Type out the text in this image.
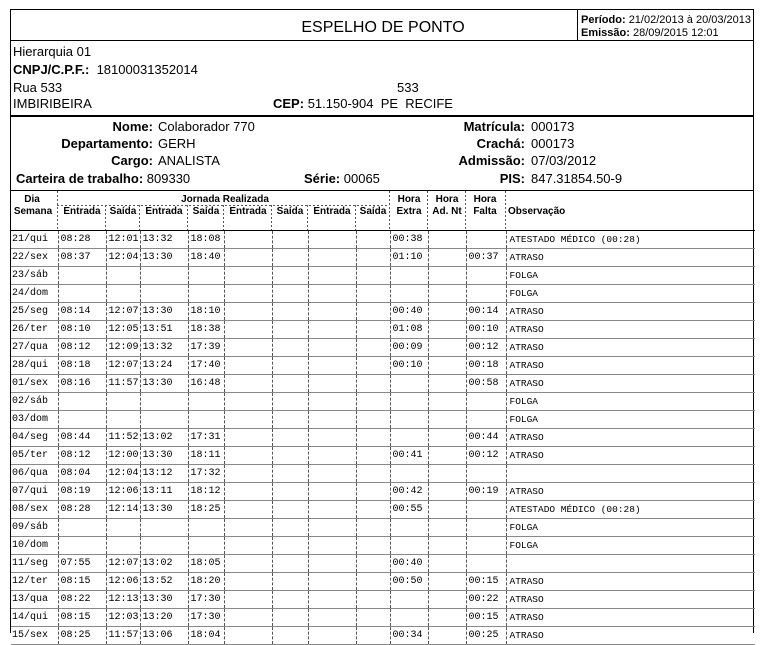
ESPELHO DE PONTO	Período: 21/02/2013 à 20/03/2013
Emissão: 28/09/2015 12:01
Hierarquia 01
CNPJ/C.P.F.: 18100031352014
Rua 533	533
IMBIRIBEIRA	CEP: 51.150-904 PE RECIFE
Nome: Colaborador 770
Departamento: GERH
Cargo: ANALISTA
Carteira de trabalho: 809330	Série: 00065
Matrícula: 000173
Crachá: 000173
Admissão: 07/03/2012
PIS: 847.31854.50-9
Dia
Semana
Jornada Realizada
Entrada Saída Entrada	Saída	Entrada	Saída	Entrada Saída
Hora
Extra
Hora
Ad. Nt
Hora
Falta	Observação
21/qui	08:28	12:01	13:32	18:08					00:38			ATESTADO MÉDICO (00:28)
22/sex	08:37	12:04	13:30	18:40					01:10		00:37	ATRASO
23/sáb												FOLGA
24/dom												FOLGA
25/seg	08:14	12:07	13:30	18:10					00:40		00:14	ATRASO
26/ter	08:10	12:05	13:51	18:38					01:08		00:10	ATRASO
27/qua	08:12	12:09	13:32	17:39					00:09		00:12	ATRASO
28/qui	08:18	12:07	13:24	17:40					00:10		00:18	ATRASO
01/sex	08:16	11:57	13:30	16:48							00:58	ATRASO
02/sáb												FOLGA
03/dom												FOLGA
04/seg	08:44	11:52	13:02	17:31							00:44	ATRASO
05/ter	08:12	12:00	13:30	18:11					00:41		00:12	ATRASO
06/qua	08:04	12:04	13:12	17:32								
07/qui	08:19	12:06	13:11	18:12					00:42		00:19	ATRASO
08/sex	08:28	12:14	13:30	18:25					00:55			ATESTADO MÉDICO (00:28)
09/sáb												FOLGA
10/dom												FOLGA
11/seg	07:55	12:07	13:02	18:05					00:40			
12/ter	08:15	12:06	13:52	18:20					00:50		00:15	ATRASO
13/qua	08:22	12:13	13:30	17:30							00:22	ATRASO
14/qui	08:15	12:03	13:20	17:30							00:15	ATRASO
15/sex	08:25	11:57	13:06	18:04					00:34		00:25	ATRASO
